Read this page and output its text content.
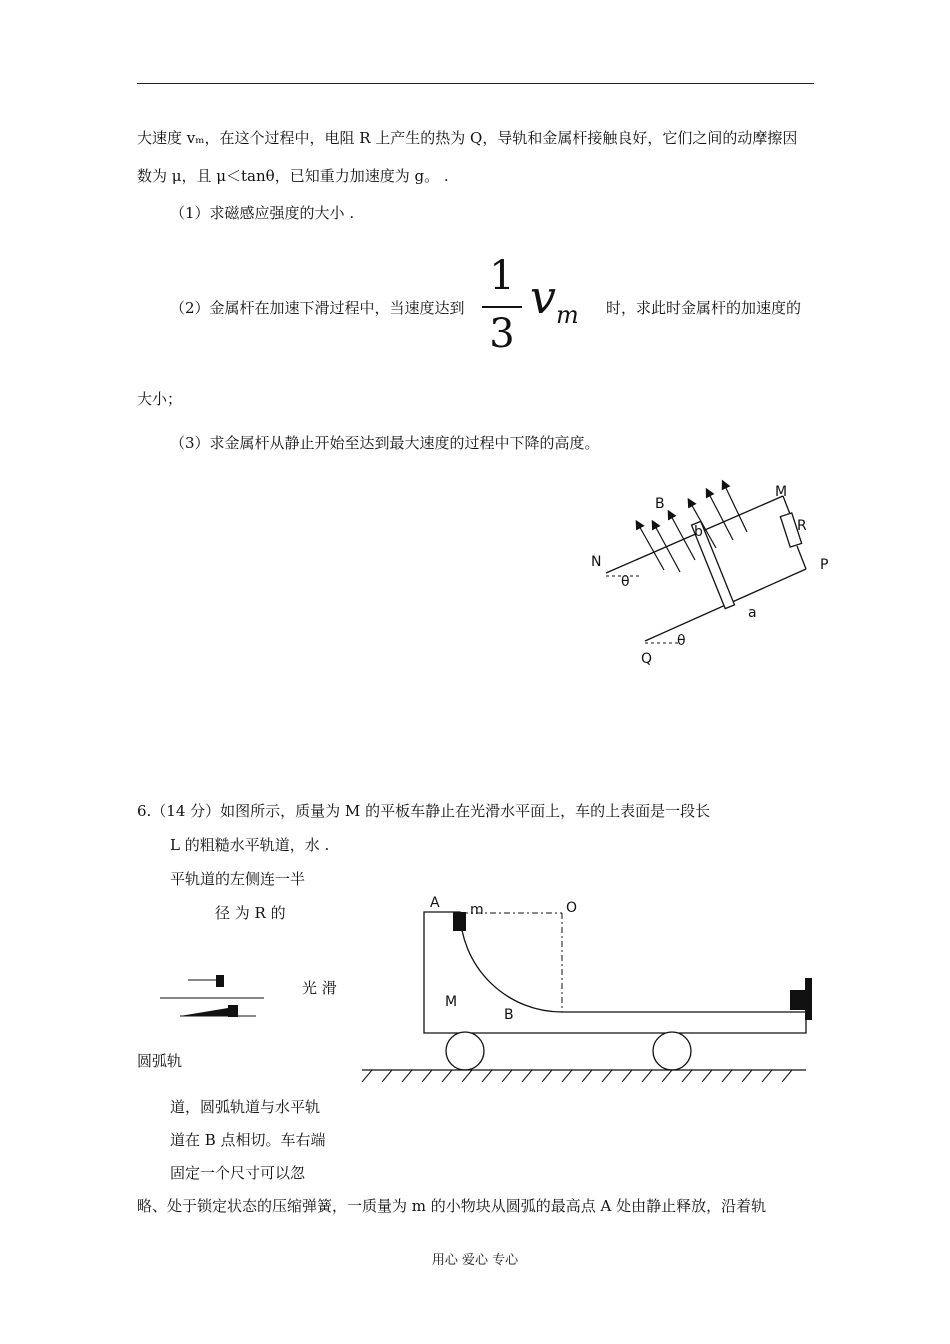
大速度 vₘ，在这个过程中，电阻 R 上产生的热为 Q，导轨和金属杆接触良好，它们之间的动摩擦因
数为 μ，且 μ＜tanθ，已知重力加速度为 g。 .
（1）求磁感应强度的大小 .
（2）金属杆在加速下滑过程中，当速度达到
1
3
$v_m$ 时，求此时金属杆的加速度的
大小；
（3）求金属杆从静止开始至达到最大速度的过程中下降的高度。
B
M
R
N	P
θ
a
Q
θ
b
6.（14 分）如图所示，质量为 M 的平板车静止在光滑水平面上，车的上表面是一段长
L 的粗糙水平轨道，水 .
平轨道的左侧连一半
径 为 R 的
光 滑
圆弧轨
道，圆弧轨道与水平轨
道在 B 点相切。车右端
固定一个尺寸可以忽
略、处于锁定状态的压缩弹簧，一质量为 m 的小物块从圆弧的最高点 A 处由静止释放，沿着轨
A m	O
M
B
用心 爱心 专心
